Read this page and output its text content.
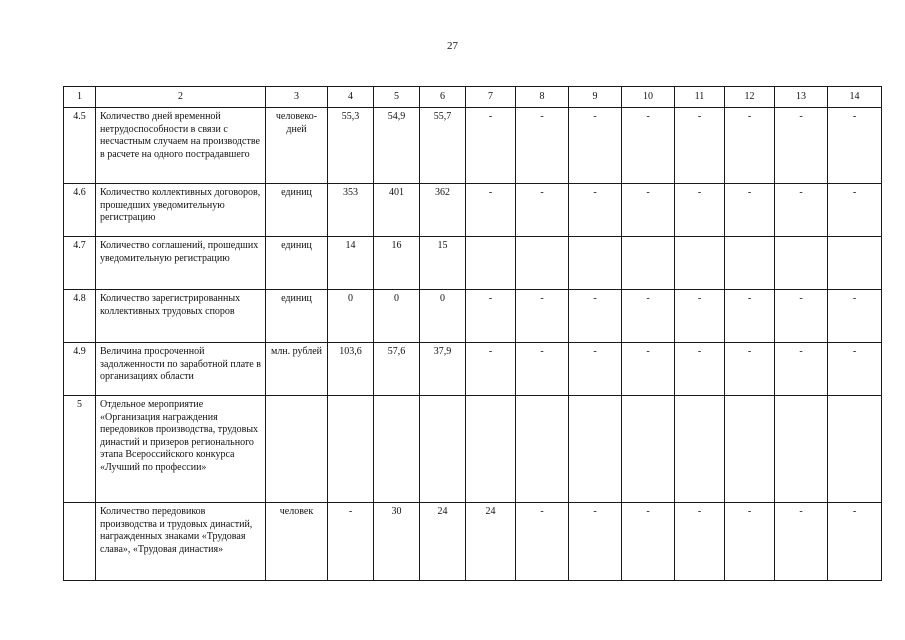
27
1	2	3	4	5	6	7	8	9	10	11	12	13	14
4.5	Количество дней временной нетрудоспособности в связи с несчастным случаем на производстве в расчете на одного пострадавшего	человеко-дней	55,3	54,9	55,7	-	-	-	-	-	-	-	-
4.6	Количество коллективных договоров, прошедших уведомительную регистрацию	единиц	353	401	362	-	-	-	-	-	-	-	-
4.7	Количество соглашений, прошедших уведомительную регистрацию	единиц	14	16	15								
4.8	Количество зарегистрированных коллективных трудовых споров	единиц	0	0	0	-	-	-	-	-	-	-	-
4.9	Величина просроченной задолженности по заработной плате в организациях области	млн. рублей	103,6	57,6	37,9	-	-	-	-	-	-	-	-
5	Отдельное мероприятие «Организация награждения передовиков производства, трудовых династий и призеров регионального этапа Всероссийского конкурса «Лучший по профессии»												
	Количество передовиков производства и трудовых династий, награжденных знаками «Трудовая слава», «Трудовая династия»	человек	-	30	24	24	-	-	-	-	-	-	-
